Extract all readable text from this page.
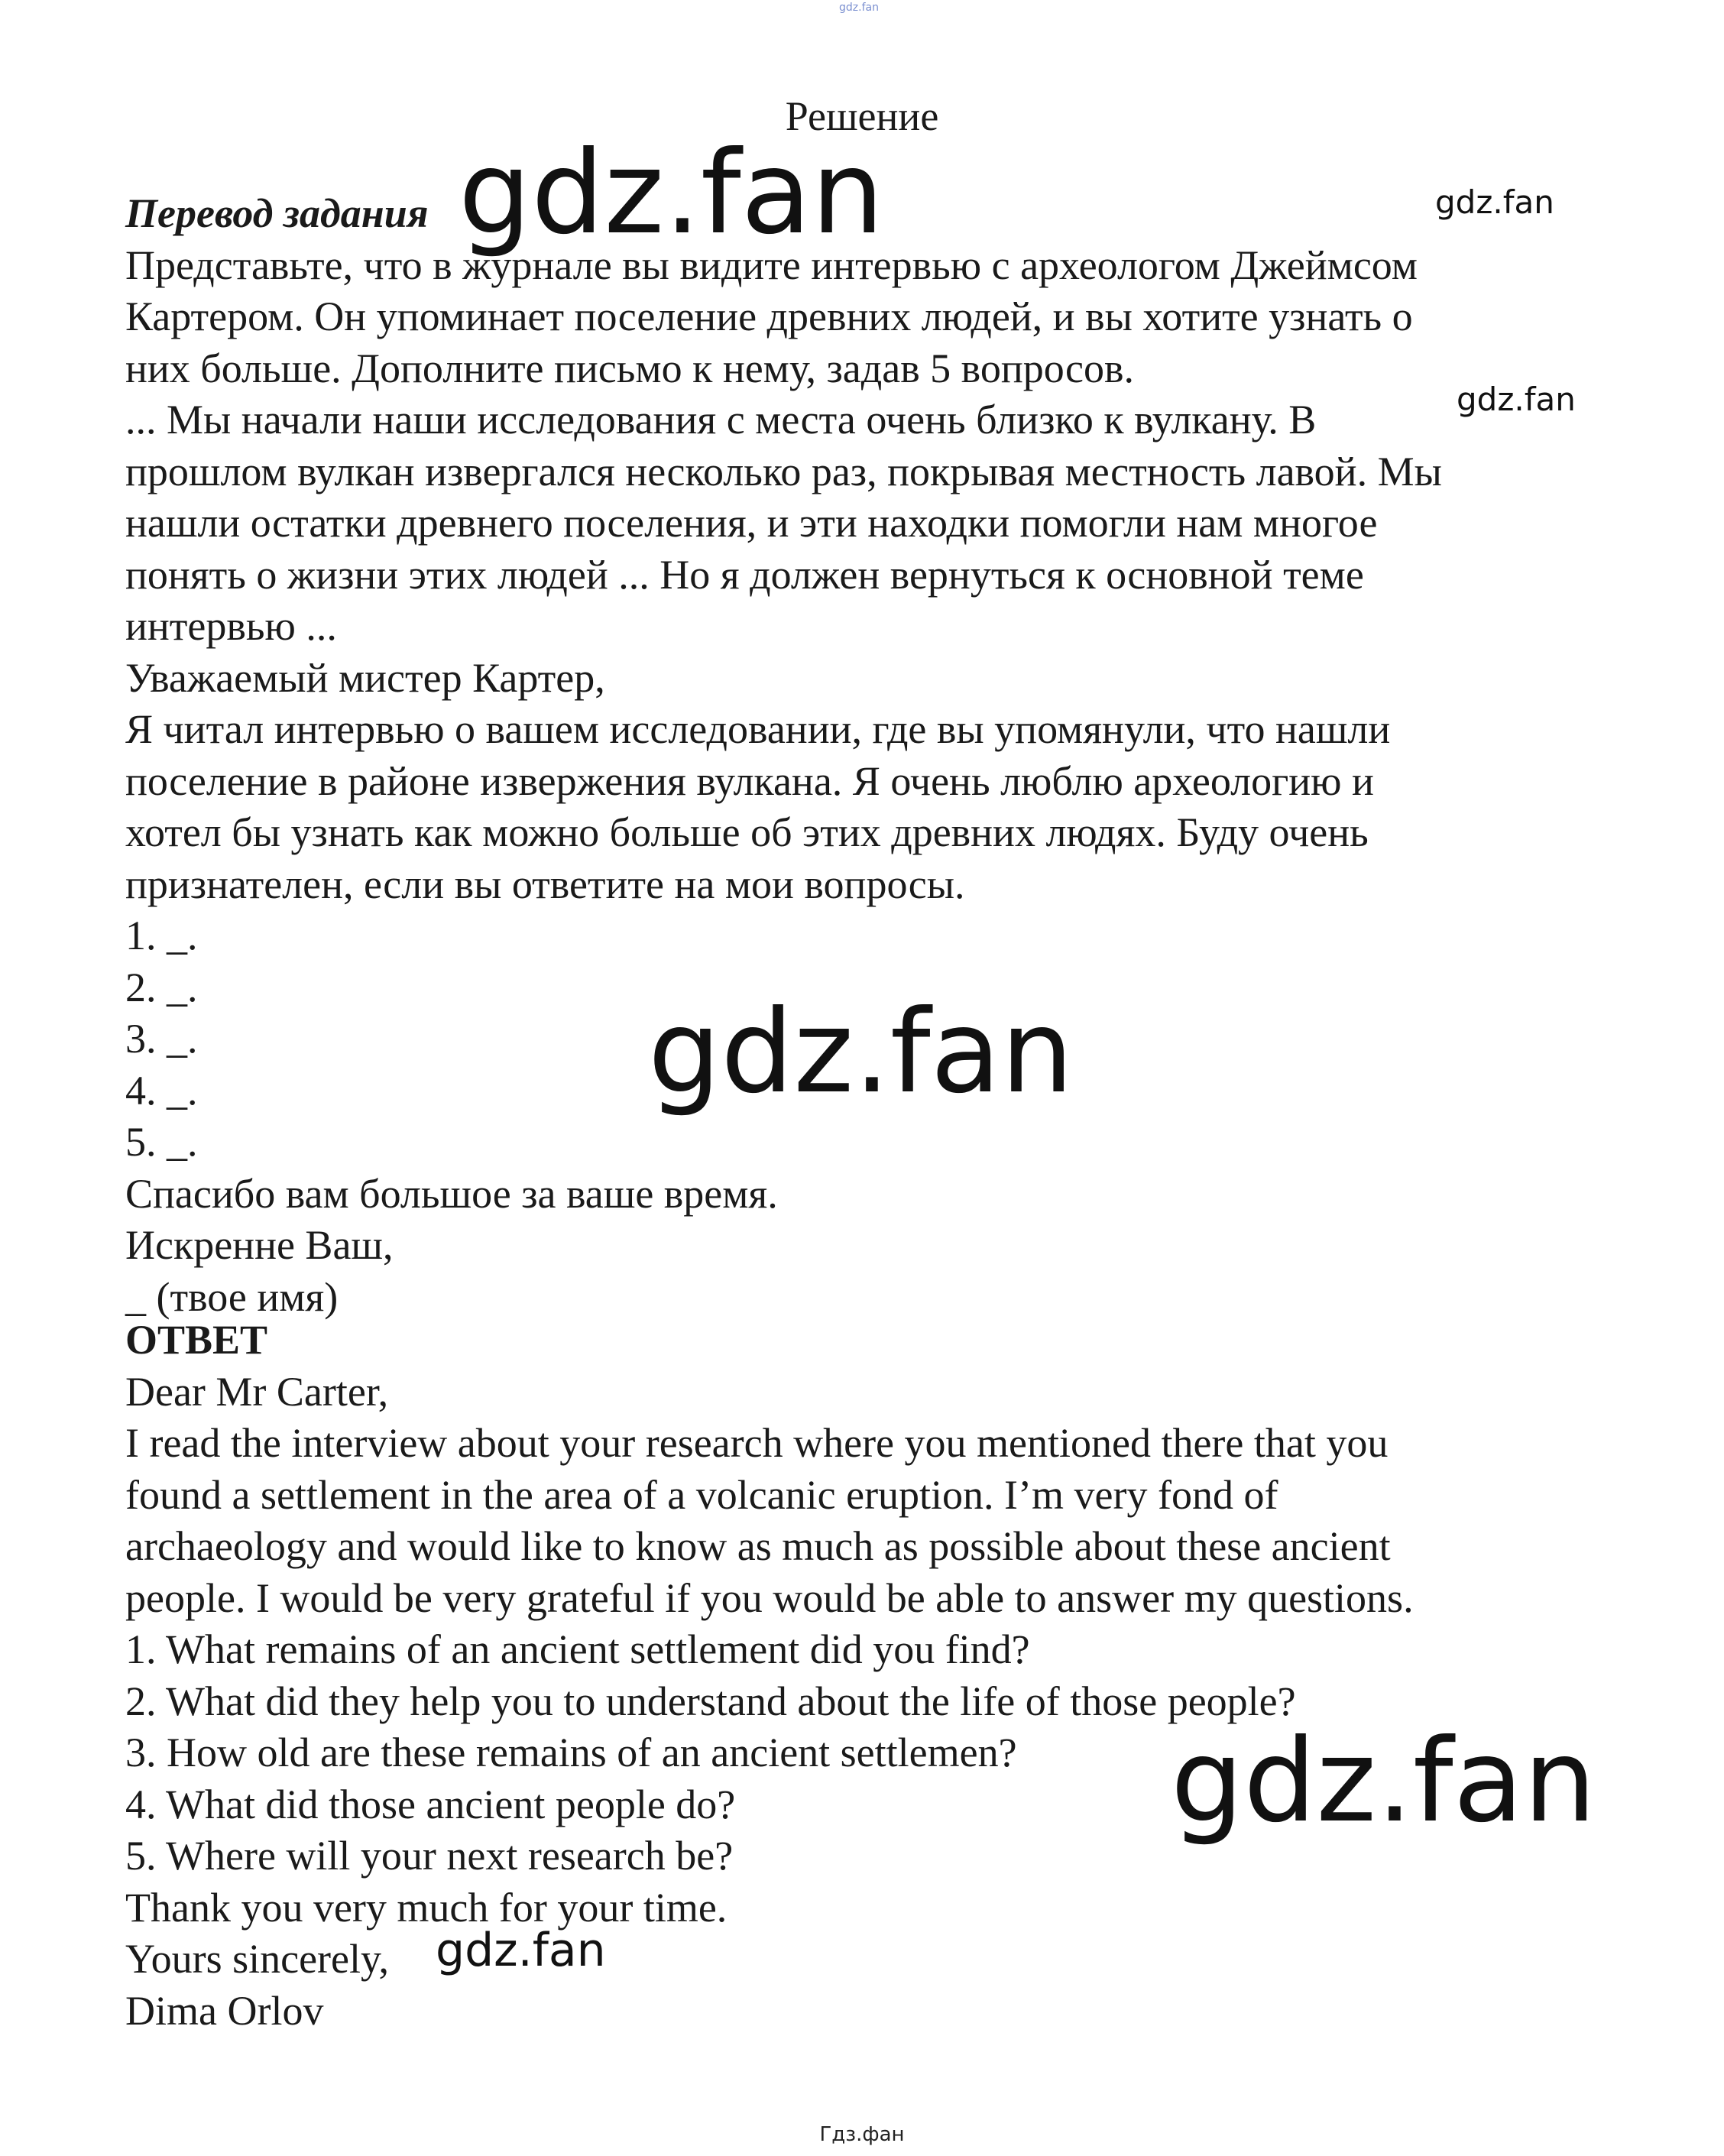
gdz.fan
Решение
Перевод задания
Представьте, что в журнале вы видите интервью с археологом Джеймсом
Картером. Он упоминает поселение древних людей, и вы хотите узнать о
них больше. Дополните письмо к нему, задав 5 вопросов.
... Мы начали наши исследования с места очень близко к вулкану. В
прошлом вулкан извергался несколько раз, покрывая местность лавой. Мы
нашли остатки древнего поселения, и эти находки помогли нам многое
понять о жизни этих людей ... Но я должен вернуться к основной теме
интервью ...
Уважаемый мистер Картер,
Я читал интервью о вашем исследовании, где вы упомянули, что нашли
поселение в районе извержения вулкана. Я очень люблю археологию и
хотел бы узнать как можно больше об этих древних людях. Буду очень
признателен, если вы ответите на мои вопросы.
1. _.
2. _.
3. _.
4. _.
5. _.
Спасибо вам большое за ваше время.
Искренне Ваш,
_ (твое имя)
ОТВЕТ
Dear Mr Carter,
I read the interview about your research where you mentioned there that you
found a settlement in the area of a volcanic eruption. I’m very fond of
archaeology and would like to know as much as possible about these ancient
people. I would be very grateful if you would be able to answer my questions.
1. What remains of an ancient settlement did you find?
2. What did they help you to understand about the life of those people?
3. How old are these remains of an ancient settlemen?
4. What did those ancient people do?
5. Where will your next research be?
Thank you very much for your time.
Yours sincerely,
Dima Orlov
gdz.fan	gdz.fan
gdz.fan
gdz.fan
gdz.fan
gdz.fan
Гдз.фан
